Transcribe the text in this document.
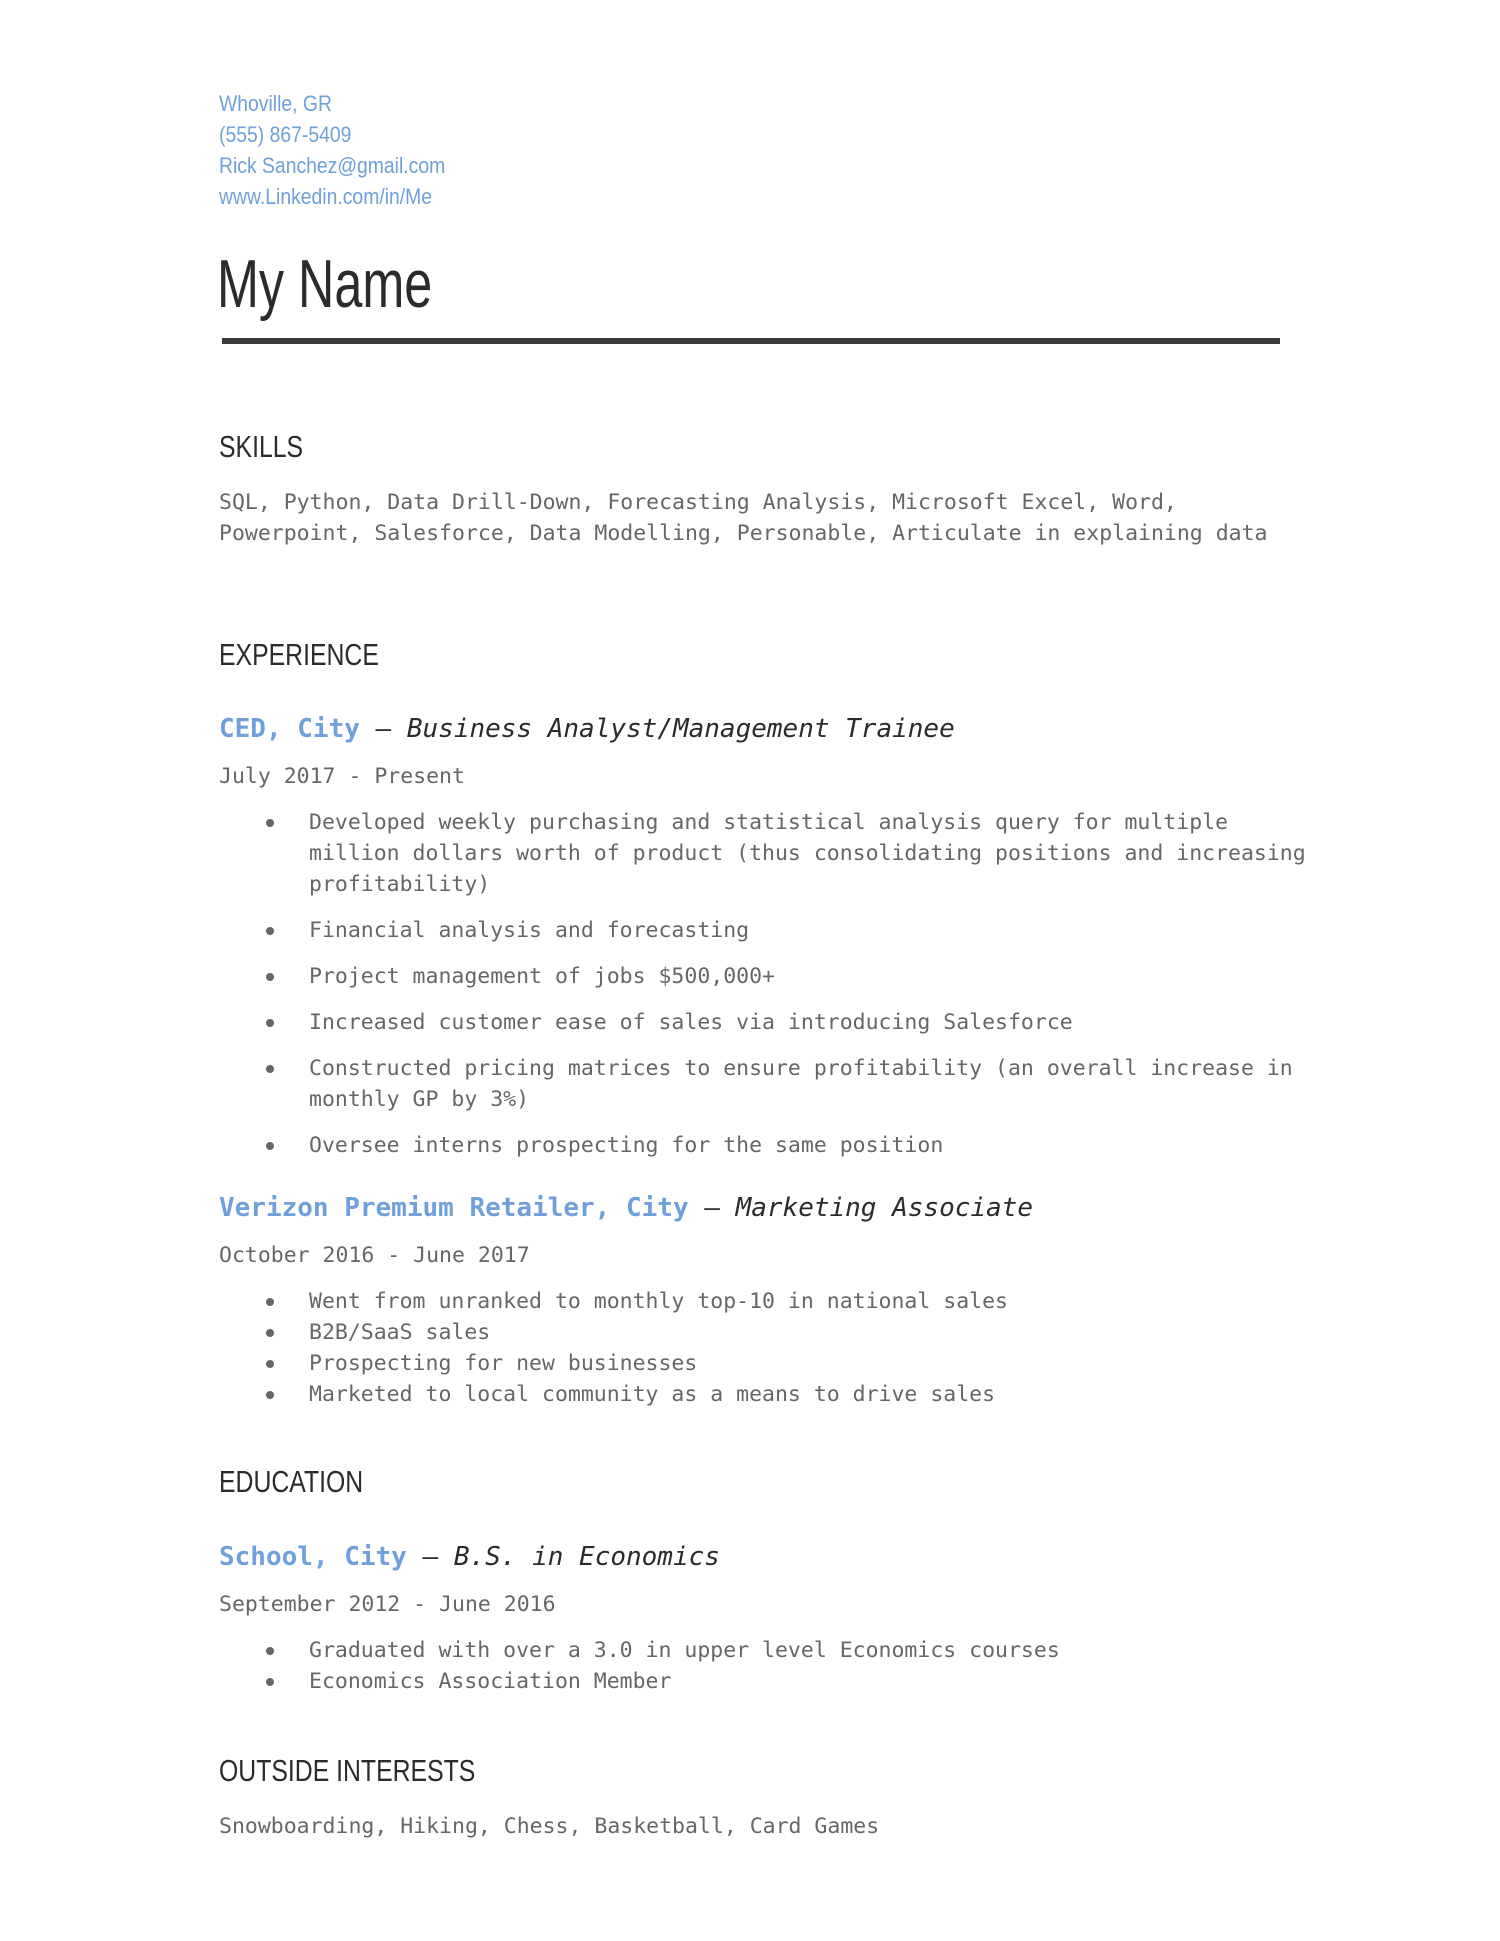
Whoville, GR
(555) 867-5409
Rick Sanchez@gmail.com
www.Linkedin.com/in/Me
My Name
SKILLS
SQL, Python, Data Drill-Down, Forecasting Analysis, Microsoft Excel, Word, Powerpoint, Salesforce, Data Modelling, Personable, Articulate in explaining data
EXPERIENCE
CED, City — Business Analyst/Management Trainee
July 2017 - Present
Developed weekly purchasing and statistical analysis query for multiple million dollars worth of product (thus consolidating positions and increasing profitability)
Financial analysis and forecasting
Project management of jobs $500,000+
Increased customer ease of sales via introducing Salesforce
Constructed pricing matrices to ensure profitability (an overall increase in monthly GP by 3%)
Oversee interns prospecting for the same position
Verizon Premium Retailer, City — Marketing Associate
October 2016 - June 2017
Went from unranked to monthly top-10 in national sales
B2B/SaaS sales
Prospecting for new businesses
Marketed to local community as a means to drive sales
EDUCATION
School, City — B.S. in Economics
September 2012 - June 2016
Graduated with over a 3.0 in upper level Economics courses
Economics Association Member
OUTSIDE INTERESTS
Snowboarding, Hiking, Chess, Basketball, Card Games
